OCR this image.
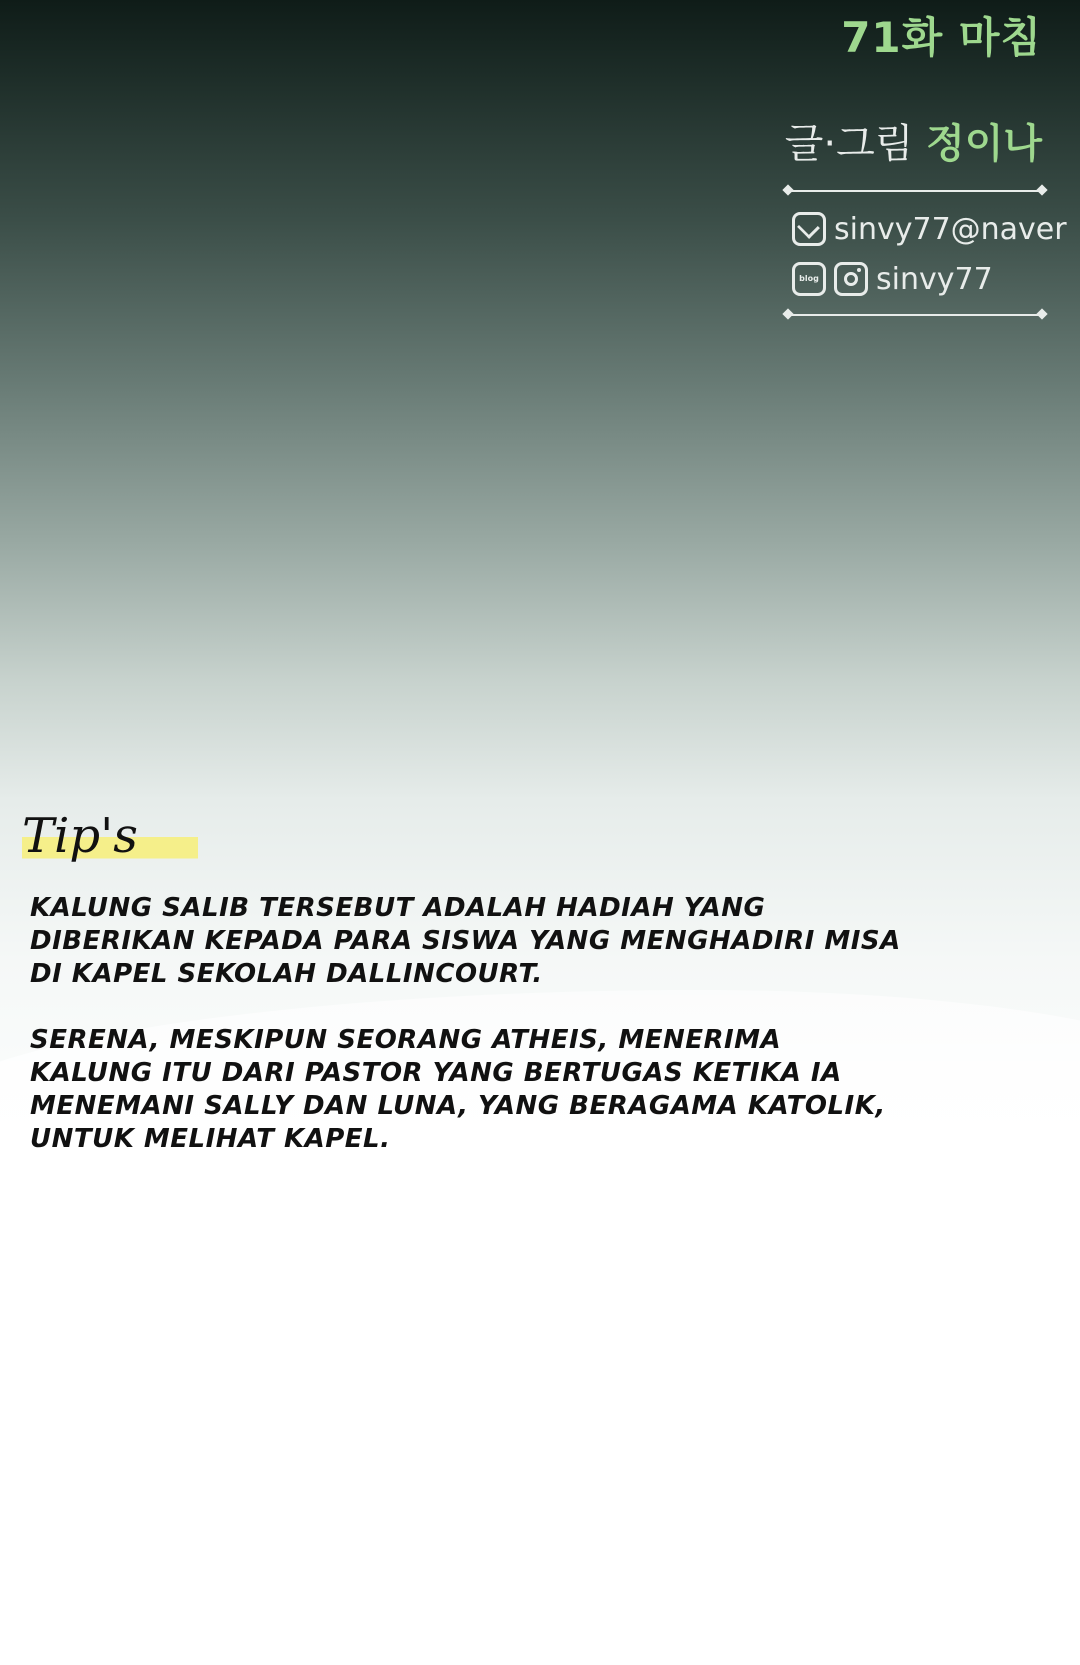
71화 마침
글·그림 정이나
sinvy77@naver
blog sinvy77
Tip's

KALUNG SALIB TERSEBUT ADALAH HADIAH YANG DIBERIKAN KEPADA PARA SISWA YANG MENGHADIRI MISA DI KAPEL SEKOLAH DALLINCOURT.

SERENA, MESKIPUN SEORANG ATHEIS, MENERIMA KALUNG ITU DARI PASTOR YANG BERTUGAS KETIKA IA MENEMANI SALLY DAN LUNA, YANG BERAGAMA KATOLIK, UNTUK MELIHAT KAPEL.
